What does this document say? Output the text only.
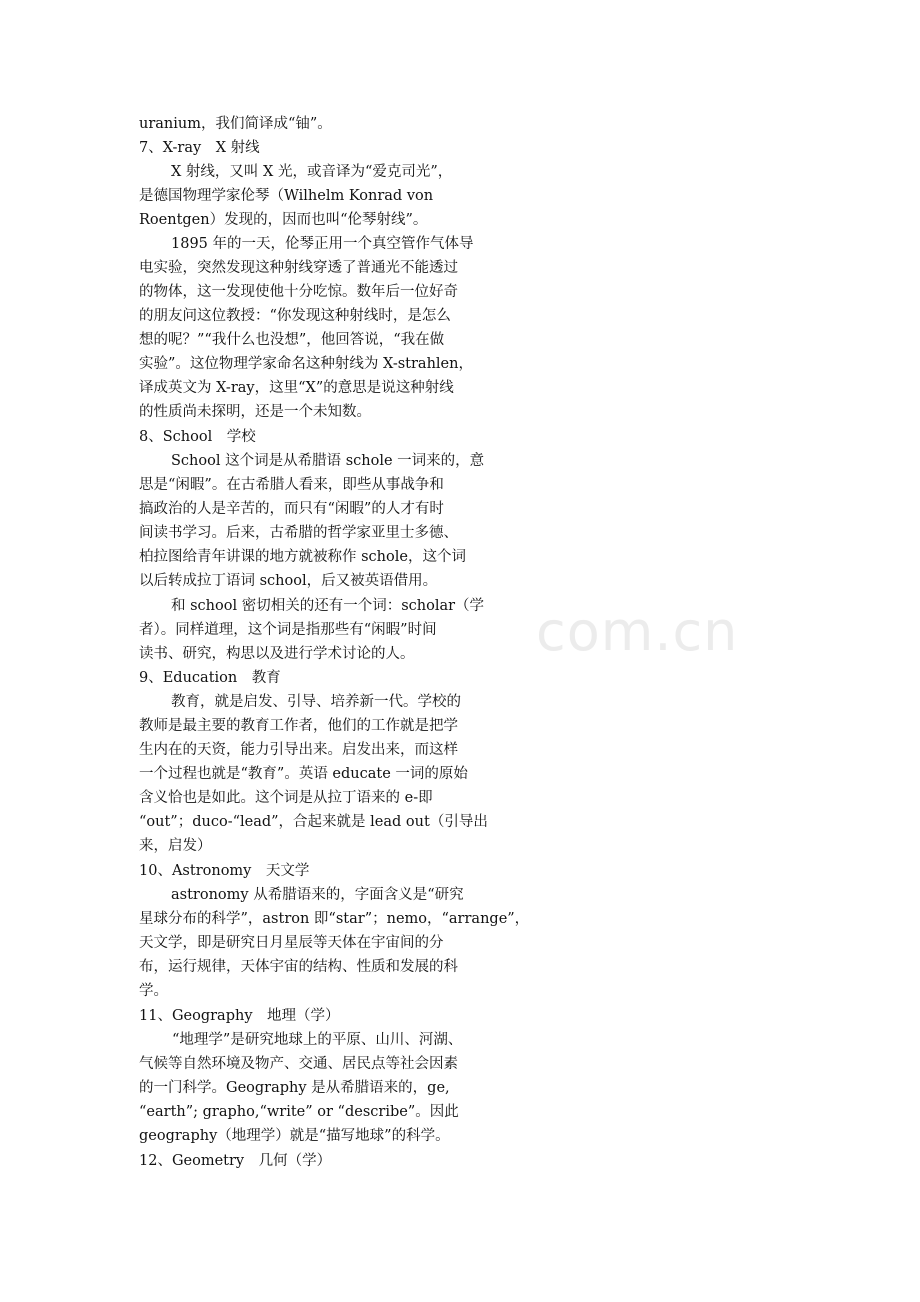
com.cn
uranium，我们简译成“铀”。
7、X-ray　X 射线
X 射线，又叫 X 光，或音译为“爱克司光”，
是德国物理学家伦琴（Wilhelm Konrad von
Roentgen）发现的，因而也叫“伦琴射线”。
1895 年的一天，伦琴正用一个真空管作气体导
电实验，突然发现这种射线穿透了普通光不能透过
的物体，这一发现使他十分吃惊。数年后一位好奇
的朋友问这位教授：“你发现这种射线时，是怎么
想的呢？”“我什么也没想”，他回答说，“我在做
实验”。这位物理学家命名这种射线为 X-strahlen，
译成英文为 X-ray，这里“X”的意思是说这种射线
的性质尚未探明，还是一个未知数。
8、School　学校
School 这个词是从希腊语 schole 一词来的，意
思是“闲暇”。在古希腊人看来，即些从事战争和
搞政治的人是辛苦的，而只有“闲暇”的人才有时
间读书学习。后来，古希腊的哲学家亚里士多德、
柏拉图给青年讲课的地方就被称作 schole，这个词
以后转成拉丁语词 school，后又被英语借用。
和 school 密切相关的还有一个词：scholar（学
者）。同样道理，这个词是指那些有“闲暇”时间
读书、研究，构思以及进行学术讨论的人。
9、Education　教育
教育，就是启发、引导、培养新一代。学校的
教师是最主要的教育工作者，他们的工作就是把学
生内在的天资，能力引导出来。启发出来，而这样
一个过程也就是“教育”。英语 educate 一词的原始
含义恰也是如此。这个词是从拉丁语来的 e-即
“out”；duco-“lead”，合起来就是 lead out（引导出
来，启发）
10、Astronomy　天文学
astronomy 从希腊语来的，字面含义是“研究
星球分布的科学”，astron 即“star”；nemo，“arrange”，
天文学，即是研究日月星辰等天体在宇宙间的分
布，运行规律，天体宇宙的结构、性质和发展的科
学。
11、Geography　地理（学）
“地理学”是研究地球上的平原、山川、河湖、
气候等自然环境及物产、交通、居民点等社会因素
的一门科学。Geography 是从希腊语来的，ge,
“earth”; grapho,“write” or “describe”。因此
geography（地理学）就是“描写地球”的科学。
12、Geometry　几何（学）
